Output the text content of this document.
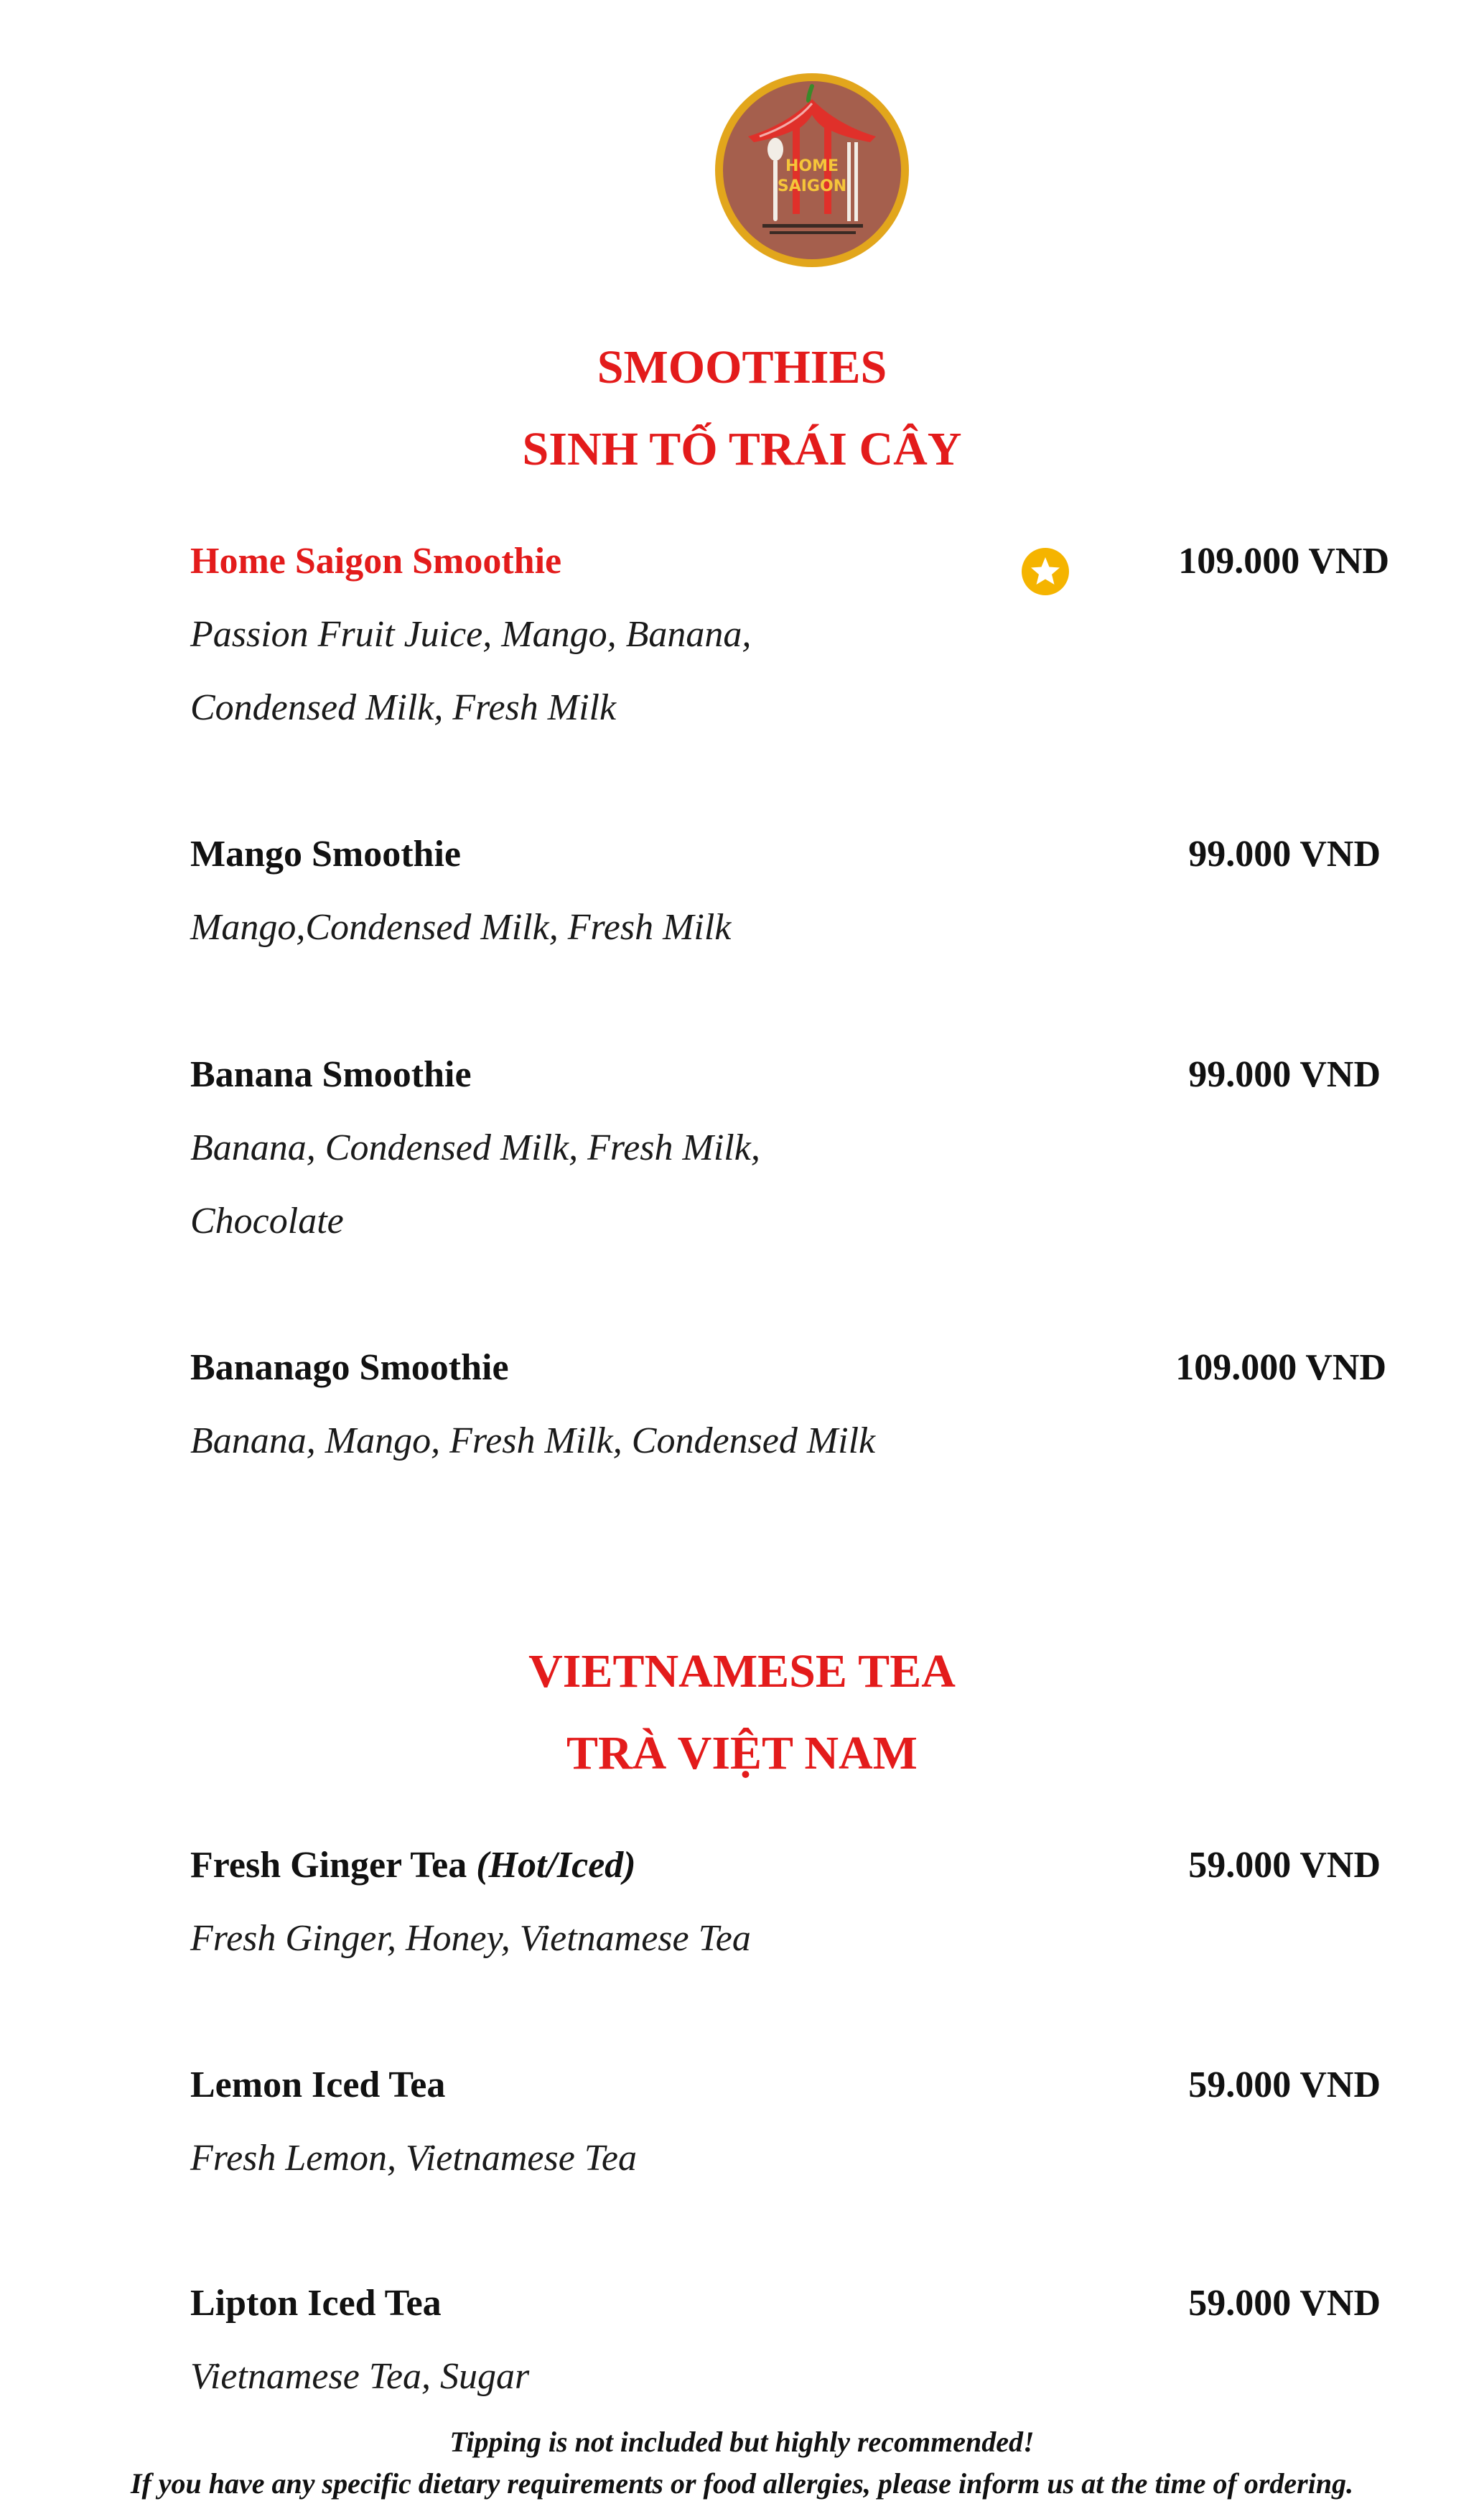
HOME
SAIGON
SMOOTHIES
SINH TỐ TRÁI CÂY
Home Saigon Smoothie	109.000 VND
Passion Fruit Juice, Mango, Banana,
Condensed Milk, Fresh Milk
Mango Smoothie	99.000 VND
Mango,Condensed Milk, Fresh Milk
Banana Smoothie	99.000 VND
Banana, Condensed Milk, Fresh Milk,
Chocolate
Bananago Smoothie	109.000 VND
Banana, Mango, Fresh Milk, Condensed Milk
VIETNAMESE TEA
TRÀ VIỆT NAM
Fresh Ginger Tea (Hot/Iced)	59.000 VND
Fresh Ginger, Honey, Vietnamese Tea
Lemon Iced Tea	59.000 VND
Fresh Lemon, Vietnamese Tea
Lipton Iced Tea	59.000 VND
Vietnamese Tea, Sugar
Tipping is not included but highly recommended!
If you have any specific dietary requirements or food allergies, please inform us at the time of ordering.
